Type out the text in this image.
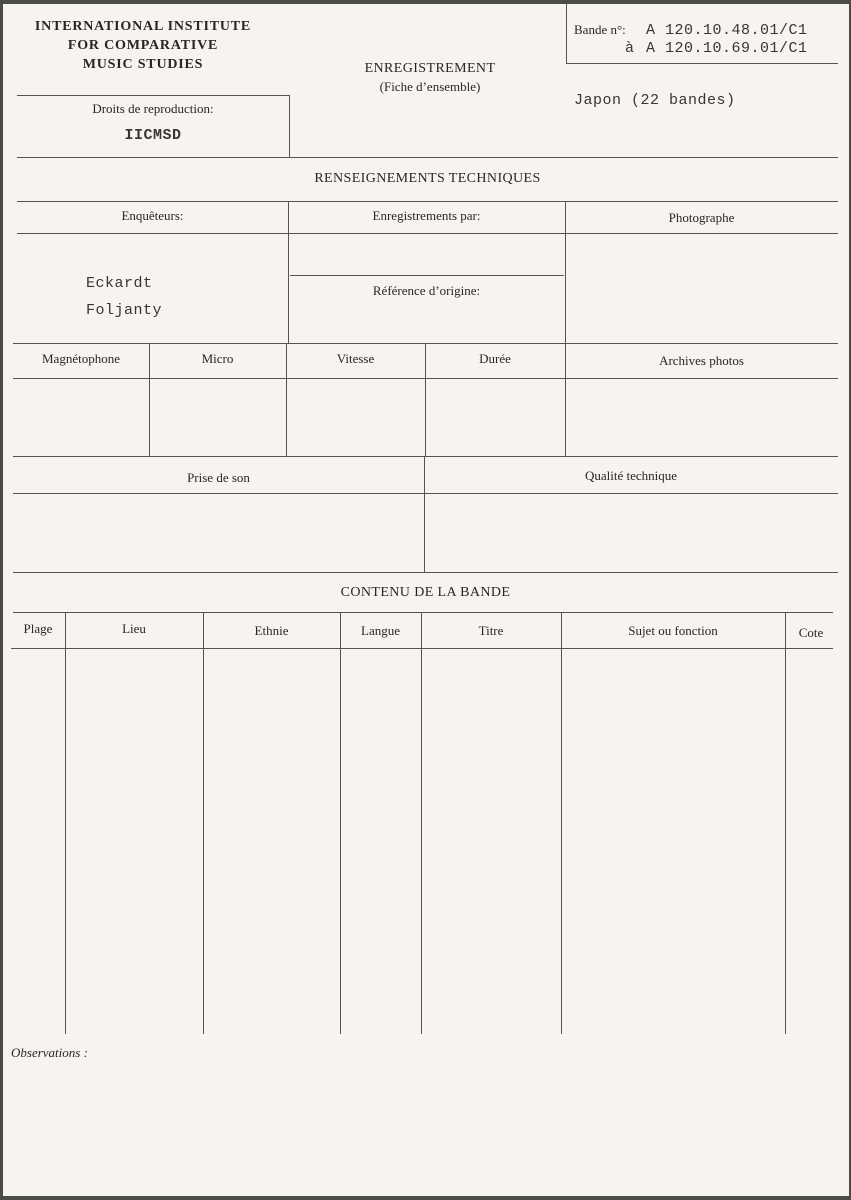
INTERNATIONAL INSTITUTE
FOR COMPARATIVE
MUSIC STUDIES	ENREGISTREMENT
(Fiche d’ensemble)
Bande n°: A 120.10.48.01/C1
à A 120.10.69.01/C1
Droits de reproduction:
IICMSD
Japon (22 bandes)
RENSEIGNEMENTS TECHNIQUES
Enquêteurs:	Enregistrements par:	Photographe
Eckardt
Foljanty
Référence d’origine:
Magnétophone	Micro	Vitesse	Durée	Archives photos
Prise de son	Qualité technique
CONTENU DE LA BANDE
Plage	Lieu	Ethnie	Langue	Titre	Sujet ou fonction	Cote
Observations :
